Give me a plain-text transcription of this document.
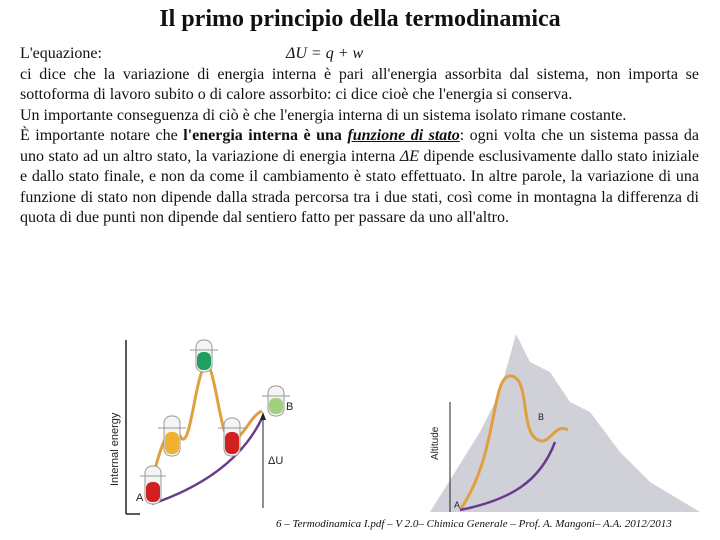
Il primo principio della termodinamica
L'equazione:	ΔU = q + w

ci dice che la variazione di energia interna è pari all'energia assorbita dal sistema, non importa se sottoforma di lavoro subito o di calore assorbito: ci dice cioè che l'energia si conserva.

Un importante conseguenza di ciò è che l'energia interna di un sistema isolato rimane costante.

È importante notare che l'energia interna è una funzione di stato: ogni volta che un sistema passa da uno stato ad un altro stato, la variazione di energia interna ΔE dipende esclusivamente dallo stato iniziale e dallo stato finale, e non da come il cambiamento è stato effettuato. In altre parole, la variazione di una funzione di stato non dipende dalla strada percorsa tra i due stati, così come in montagna la differenza di quota di due punti non dipende dal sentiero fatto per passare da uno all'altro.

Internal energy	ΔU
A
B
Altitude
A
B
6 – Termodinamica I.pdf – V 2.0– Chimica Generale – Prof. A. Mangoni– A.A. 2012/2013
